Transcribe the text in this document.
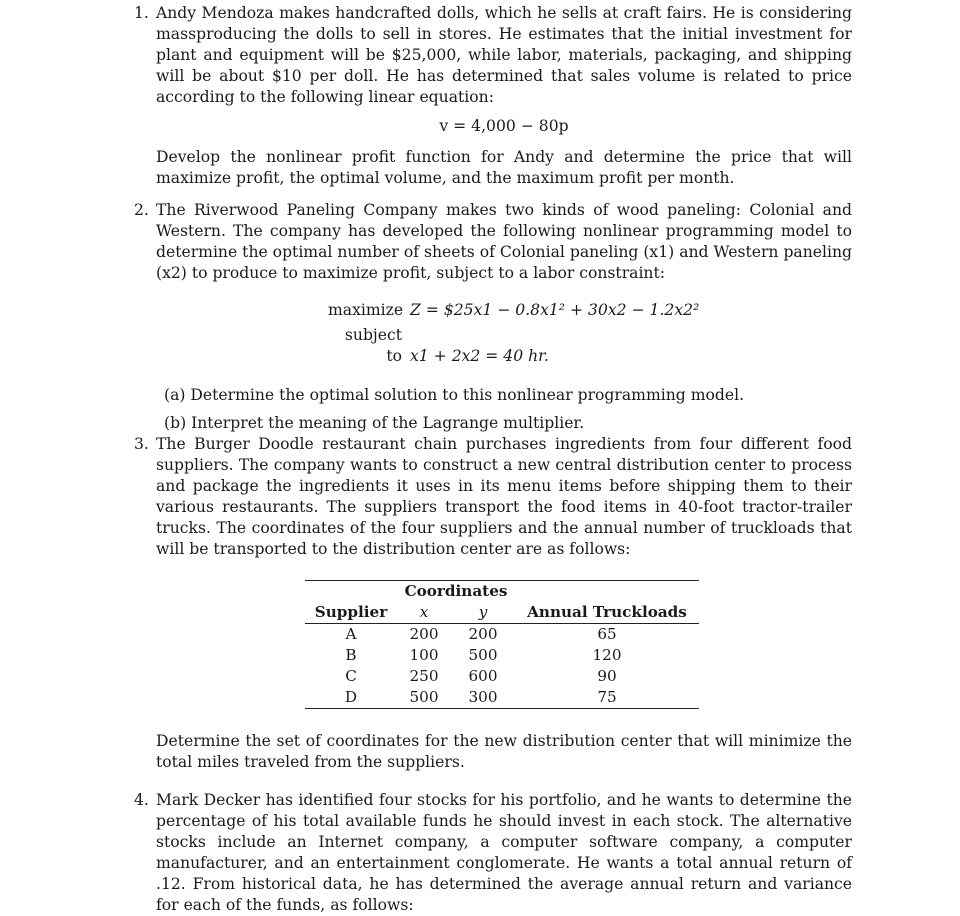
1. Andy Mendoza makes handcrafted dolls, which he sells at craft fairs. He is considering massproducing the dolls to sell in stores. He estimates that the initial investment for plant and equipment will be $25,000, while labor, materials, packaging, and shipping will be about $10 per doll. He has determined that sales volume is related to price according to the following linear equation:
v = 4,000 − 80p
Develop the nonlinear profit function for Andy and determine the price that will maximize profit, the optimal volume, and the maximum profit per month.
2. The Riverwood Paneling Company makes two kinds of wood paneling: Colonial and Western. The company has developed the following nonlinear programming model to determine the optimal number of sheets of Colonial paneling (x1) and Western paneling (x2) to produce to maximize profit, subject to a labor constraint:
maximize Z = $25x1 − 0.8x1² + 30x2 − 1.2x2²
subject to x1 + 2x2 = 40 hr.
(a) Determine the optimal solution to this nonlinear programming model.
(b) Interpret the meaning of the Lagrange multiplier.
3. The Burger Doodle restaurant chain purchases ingredients from four different food suppliers. The company wants to construct a new central distribution center to process and package the ingredients it uses in its menu items before shipping them to their various restaurants. The suppliers transport the food items in 40-foot tractor-trailer trucks. The coordinates of the four suppliers and the annual number of truckloads that will be transported to the distribution center are as follows:
	Coordinates		
Supplier	x	y	Annual Truckloads
A	200	200	65
B	100	500	120
C	250	600	90
D	500	300	75
Determine the set of coordinates for the new distribution center that will minimize the total miles traveled from the suppliers.
4. Mark Decker has identified four stocks for his portfolio, and he wants to determine the percentage of his total available funds he should invest in each stock. The alternative stocks include an Internet company, a computer software company, a computer manufacturer, and an entertainment conglomerate. He wants a total annual return of .12. From historical data, he has determined the average annual return and variance for each of the funds, as follows:
